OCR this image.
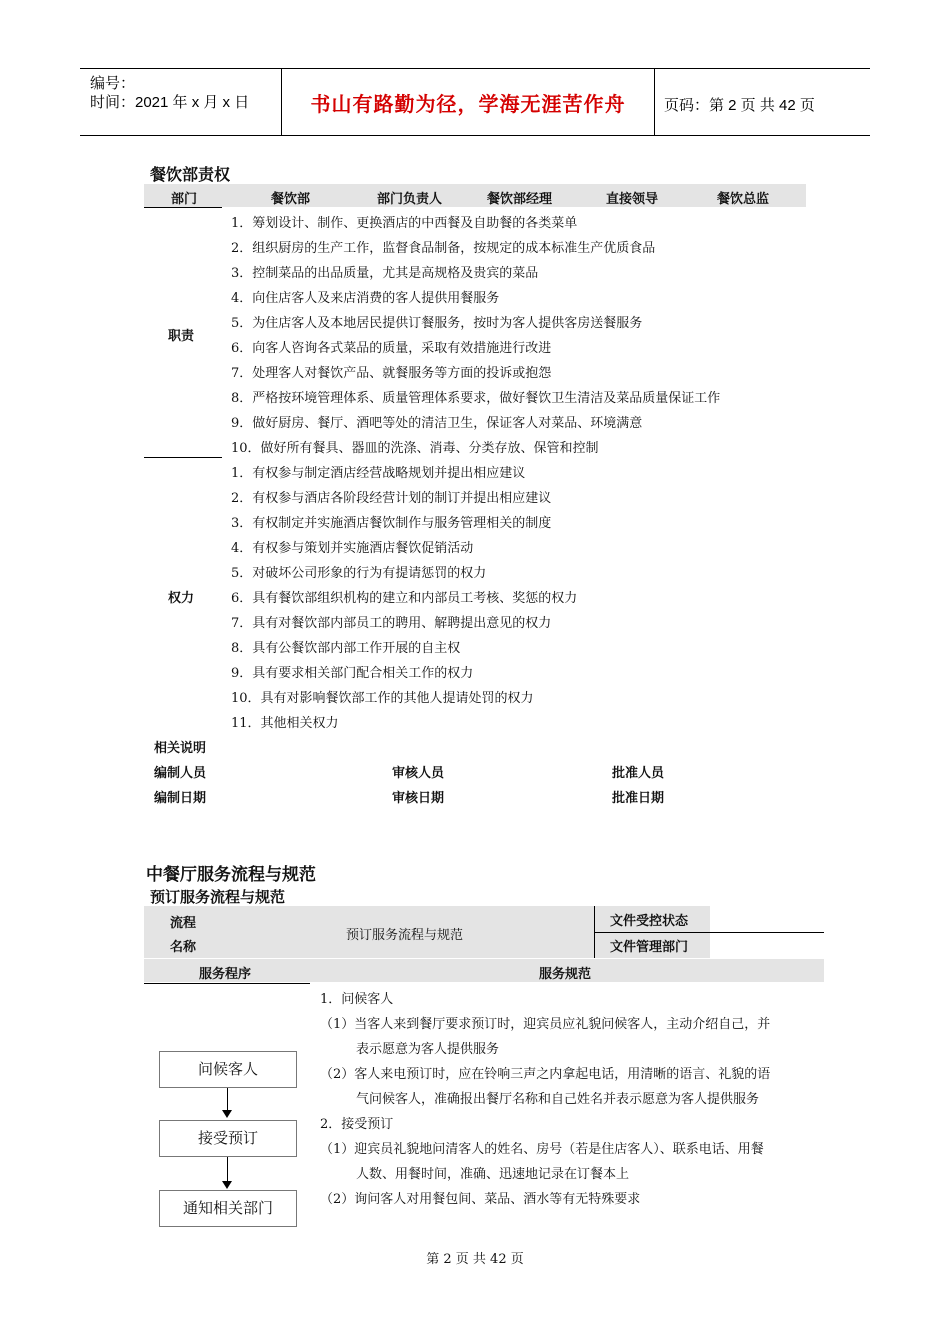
编号：
时间：2021 年 x 月 x 日	书山有路勤为径，学海无涯苦作舟	页码：第 2 页 共 42 页
餐饮部责权
部门	餐饮部	部门负责人	餐饮部经理	直接领导	餐饮总监
职责
1．筹划设计、制作、更换酒店的中西餐及自助餐的各类菜单
2．组织厨房的生产工作，监督食品制备，按规定的成本标准生产优质食品
3．控制菜品的出品质量，尤其是高规格及贵宾的菜品
4．向住店客人及来店消费的客人提供用餐服务
5．为住店客人及本地居民提供订餐服务，按时为客人提供客房送餐服务
6．向客人咨询各式菜品的质量，采取有效措施进行改进
7．处理客人对餐饮产品、就餐服务等方面的投诉或抱怨
8．严格按环境管理体系、质量管理体系要求，做好餐饮卫生清洁及菜品质量保证工作
9．做好厨房、餐厅、酒吧等处的清洁卫生，保证客人对菜品、环境满意
10．做好所有餐具、器皿的洗涤、消毒、分类存放、保管和控制
权力
1．有权参与制定酒店经营战略规划并提出相应建议
2．有权参与酒店各阶段经营计划的制订并提出相应建议
3．有权制定并实施酒店餐饮制作与服务管理相关的制度
4．有权参与策划并实施酒店餐饮促销活动
5．对破坏公司形象的行为有提请惩罚的权力
6．具有餐饮部组织机构的建立和内部员工考核、奖惩的权力
7．具有对餐饮部内部员工的聘用、解聘提出意见的权力
8．具有公餐饮部内部工作开展的自主权
9．具有要求相关部门配合相关工作的权力
10．具有对影响餐饮部工作的其他人提请处罚的权力
11．其他相关权力
相关说明
编制人员	审核人员	批准人员
编制日期	审核日期	批准日期
中餐厅服务流程与规范
预订服务流程与规范
流程
名称
预订服务流程与规范
文件受控状态
文件管理部门
服务程序	服务规范
问候客人
接受预订
通知相关部门
1．问候客人
（1）当客人来到餐厅要求预订时，迎宾员应礼貌问候客人，主动介绍自己，并
表示愿意为客人提供服务
（2）客人来电预订时，应在铃响三声之内拿起电话，用清晰的语言、礼貌的语
气问候客人，准确报出餐厅名称和自己姓名并表示愿意为客人提供服务
2．接受预订
（1）迎宾员礼貌地问清客人的姓名、房号（若是住店客人）、联系电话、用餐
人数、用餐时间，准确、迅速地记录在订餐本上
（2）询问客人对用餐包间、菜品、酒水等有无特殊要求
第 2 页 共 42 页
